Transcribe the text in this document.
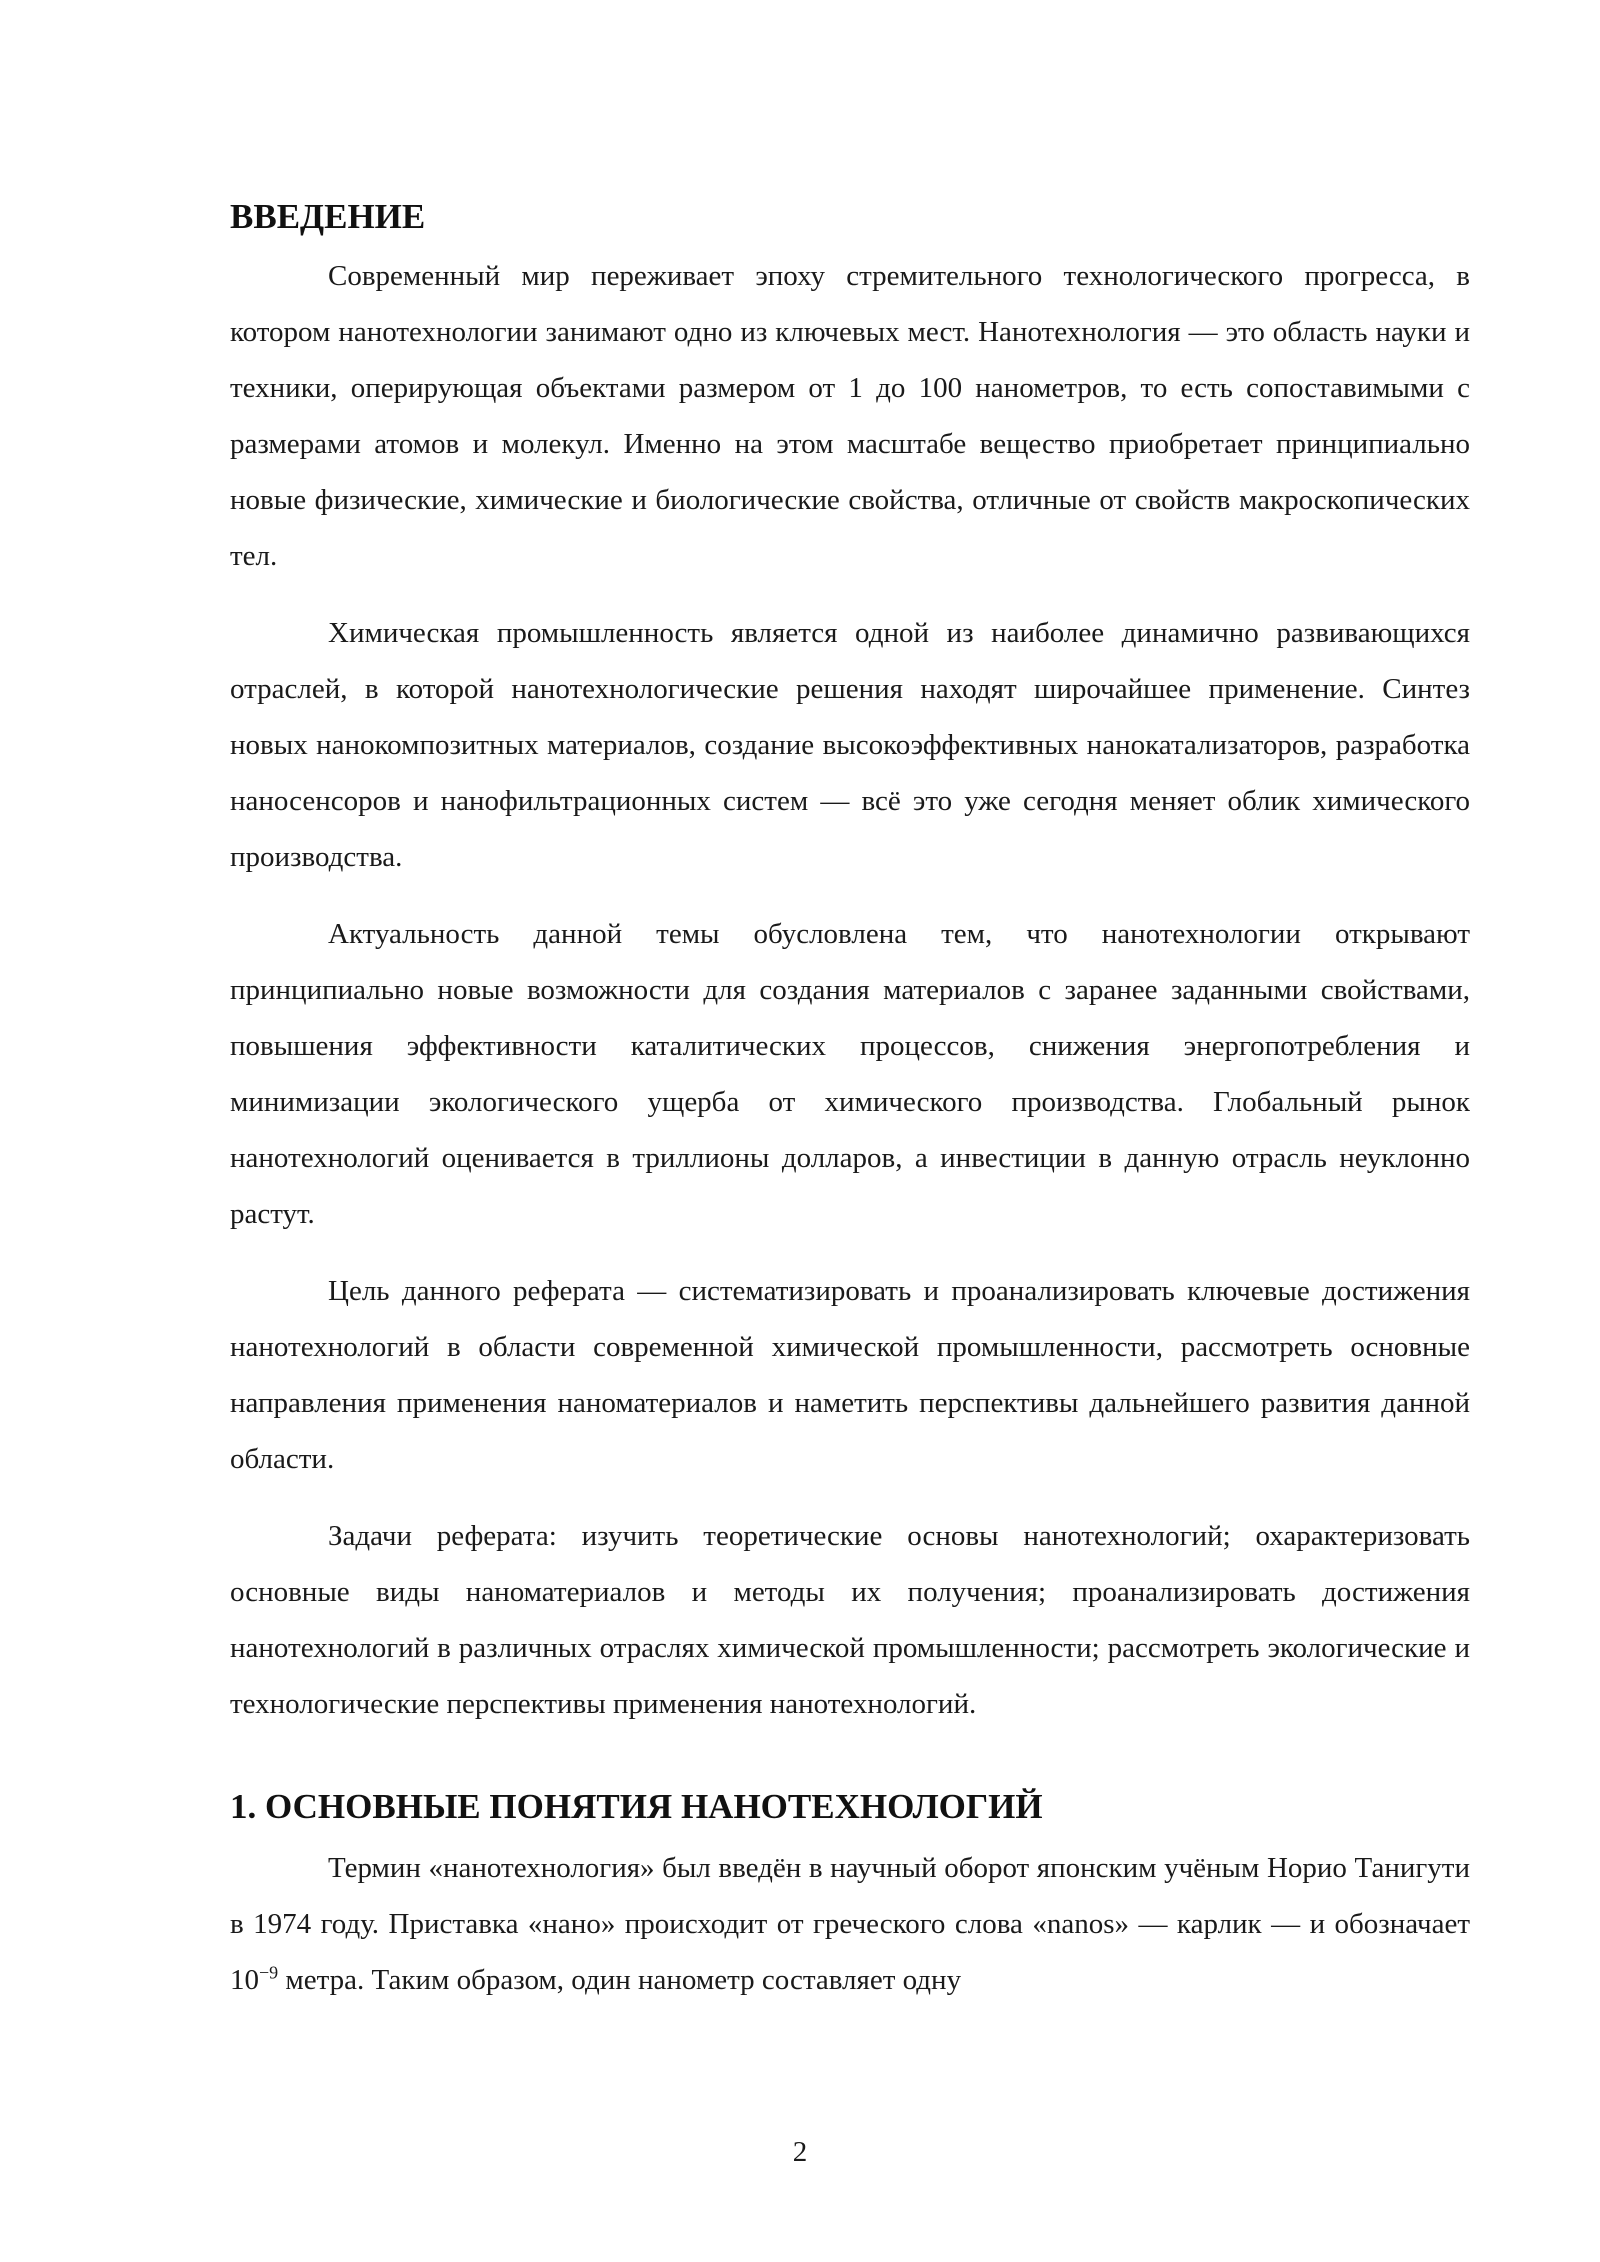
ВВЕДЕНИЕ

Современный мир переживает эпоху стремительного технологического прогресса, в котором нанотехнологии занимают одно из ключевых мест. Нанотехнология — это область науки и техники, оперирующая объектами размером от 1 до 100 нанометров, то есть сопоставимыми с размерами атомов и молекул. Именно на этом масштабе вещество приобретает принципиально новые физические, химические и биологические свойства, отличные от свойств макроскопических тел.

Химическая промышленность является одной из наиболее динамично развивающихся отраслей, в которой нанотехнологические решения находят широчайшее применение. Синтез новых нанокомпозитных материалов, создание высокоэффективных нанокатализаторов, разработка наносенсоров и нанофильтрационных систем — всё это уже сегодня меняет облик химического производства.

Актуальность данной темы обусловлена тем, что нанотехнологии открывают принципиально новые возможности для создания материалов с заранее заданными свойствами, повышения эффективности каталитических процессов, снижения энергопотребления и минимизации экологического ущерба от химического производства. Глобальный рынок нанотехнологий оценивается в триллионы долларов, а инвестиции в данную отрасль неуклонно растут.

Цель данного реферата — систематизировать и проанализировать ключевые достижения нанотехнологий в области современной химической промышленности, рассмотреть основные направления применения наноматериалов и наметить перспективы дальнейшего развития данной области.

Задачи реферата: изучить теоретические основы нанотехнологий; охарактеризовать основные виды наноматериалов и методы их получения; проанализировать достижения нанотехнологий в различных отраслях химической промышленности; рассмотреть экологические и технологические перспективы применения нанотехнологий.

1. ОСНОВНЫЕ ПОНЯТИЯ НАНОТЕХНОЛОГИЙ

Термин «нанотехнология» был введён в научный оборот японским учёным Норио Танигути в 1974 году. Приставка «нано» происходит от греческого слова «nanos» — карлик — и обозначает $10^{-9}$ метра. Таким образом, один нанометр составляет одну

2
